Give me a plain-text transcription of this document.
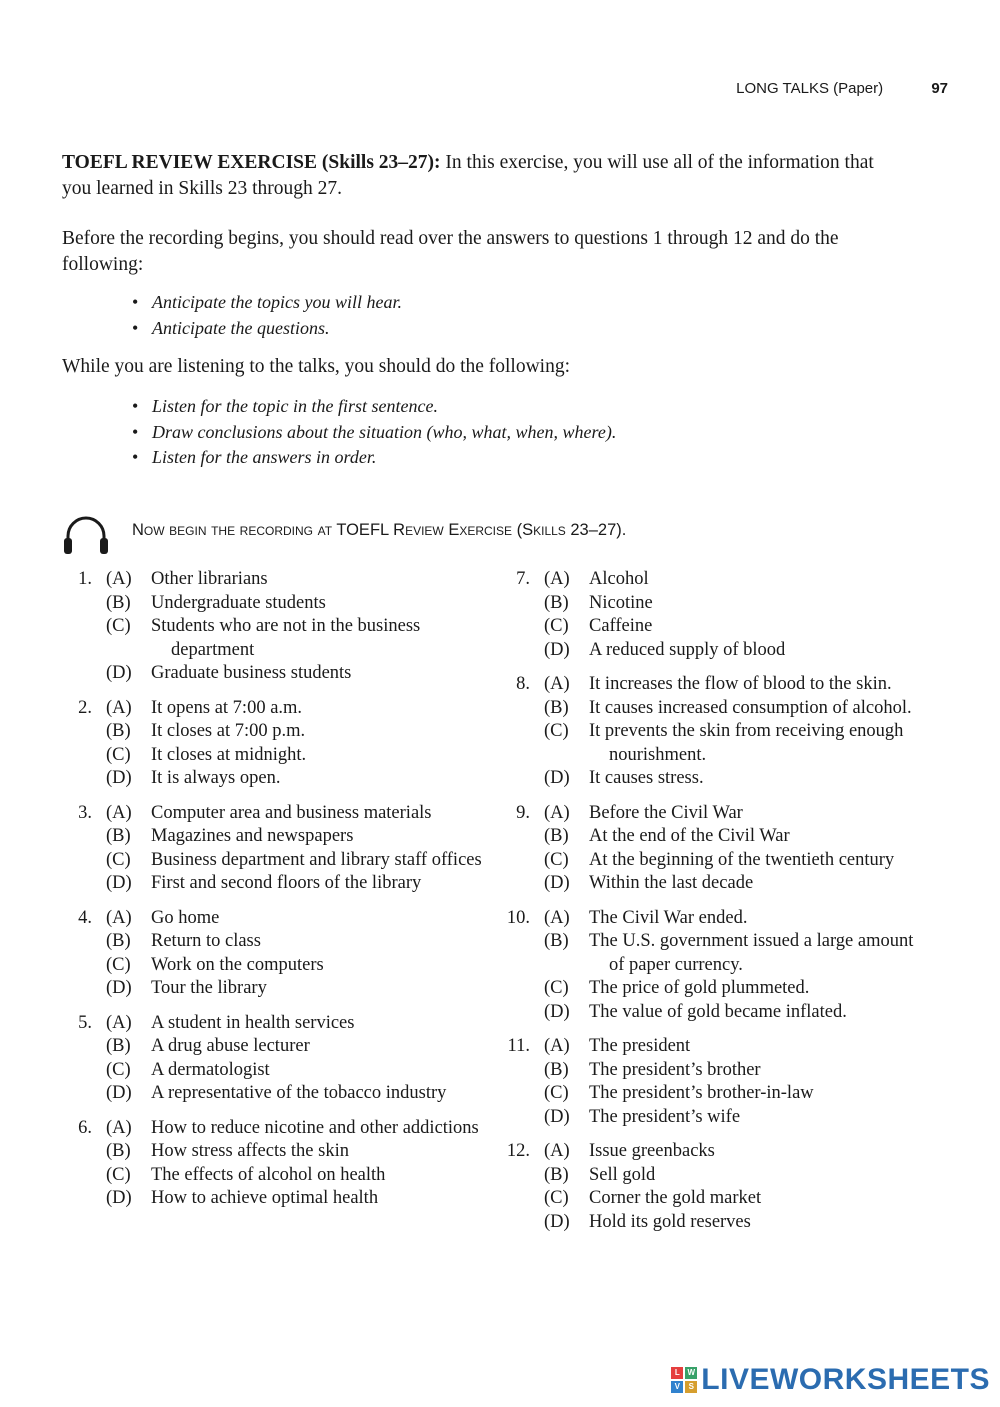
LONG TALKS (Paper)	97
TOEFL REVIEW EXERCISE (Skills 23–27): In this exercise, you will use all of the information that you learned in Skills 23 through 27.
Before the recording begins, you should read over the answers to questions 1 through 12 and do the following:
• Anticipate the topics you will hear.
• Anticipate the questions.
While you are listening to the talks, you should do the following:
• Listen for the topic in the first sentence.
• Draw conclusions about the situation (who, what, when, where).
• Listen for the answers in order.
Now begin the recording at TOEFL Review Exercise (Skills 23–27).
1. (A) Other librarians
(B) Undergraduate students
(C) Students who are not in the business department
(D) Graduate business students
2. (A) It opens at 7:00 a.m.
(B) It closes at 7:00 p.m.
(C) It closes at midnight.
(D) It is always open.
3. (A) Computer area and business materials
(B) Magazines and newspapers
(C) Business department and library staff offices
(D) First and second floors of the library
4. (A) Go home
(B) Return to class
(C) Work on the computers
(D) Tour the library
5. (A) A student in health services
(B) A drug abuse lecturer
(C) A dermatologist
(D) A representative of the tobacco industry
6. (A) How to reduce nicotine and other addictions
(B) How stress affects the skin
(C) The effects of alcohol on health
(D) How to achieve optimal health
7. (A) Alcohol
(B) Nicotine
(C) Caffeine
(D) A reduced supply of blood
8. (A) It increases the flow of blood to the skin.
(B) It causes increased consumption of alcohol.
(C) It prevents the skin from receiving enough nourishment.
(D) It causes stress.
9. (A) Before the Civil War
(B) At the end of the Civil War
(C) At the beginning of the twentieth century
(D) Within the last decade
10. (A) The Civil War ended.
(B) The U.S. government issued a large amount of paper currency.
(C) The price of gold plummeted.
(D) The value of gold became inflated.
11. (A) The president
(B) The president’s brother
(C) The president’s brother-in-law
(D) The president’s wife
12. (A) Issue greenbacks
(B) Sell gold
(C) Corner the gold market
(D) Hold its gold reserves
L W
V	S LIVEWORKSHEETS
